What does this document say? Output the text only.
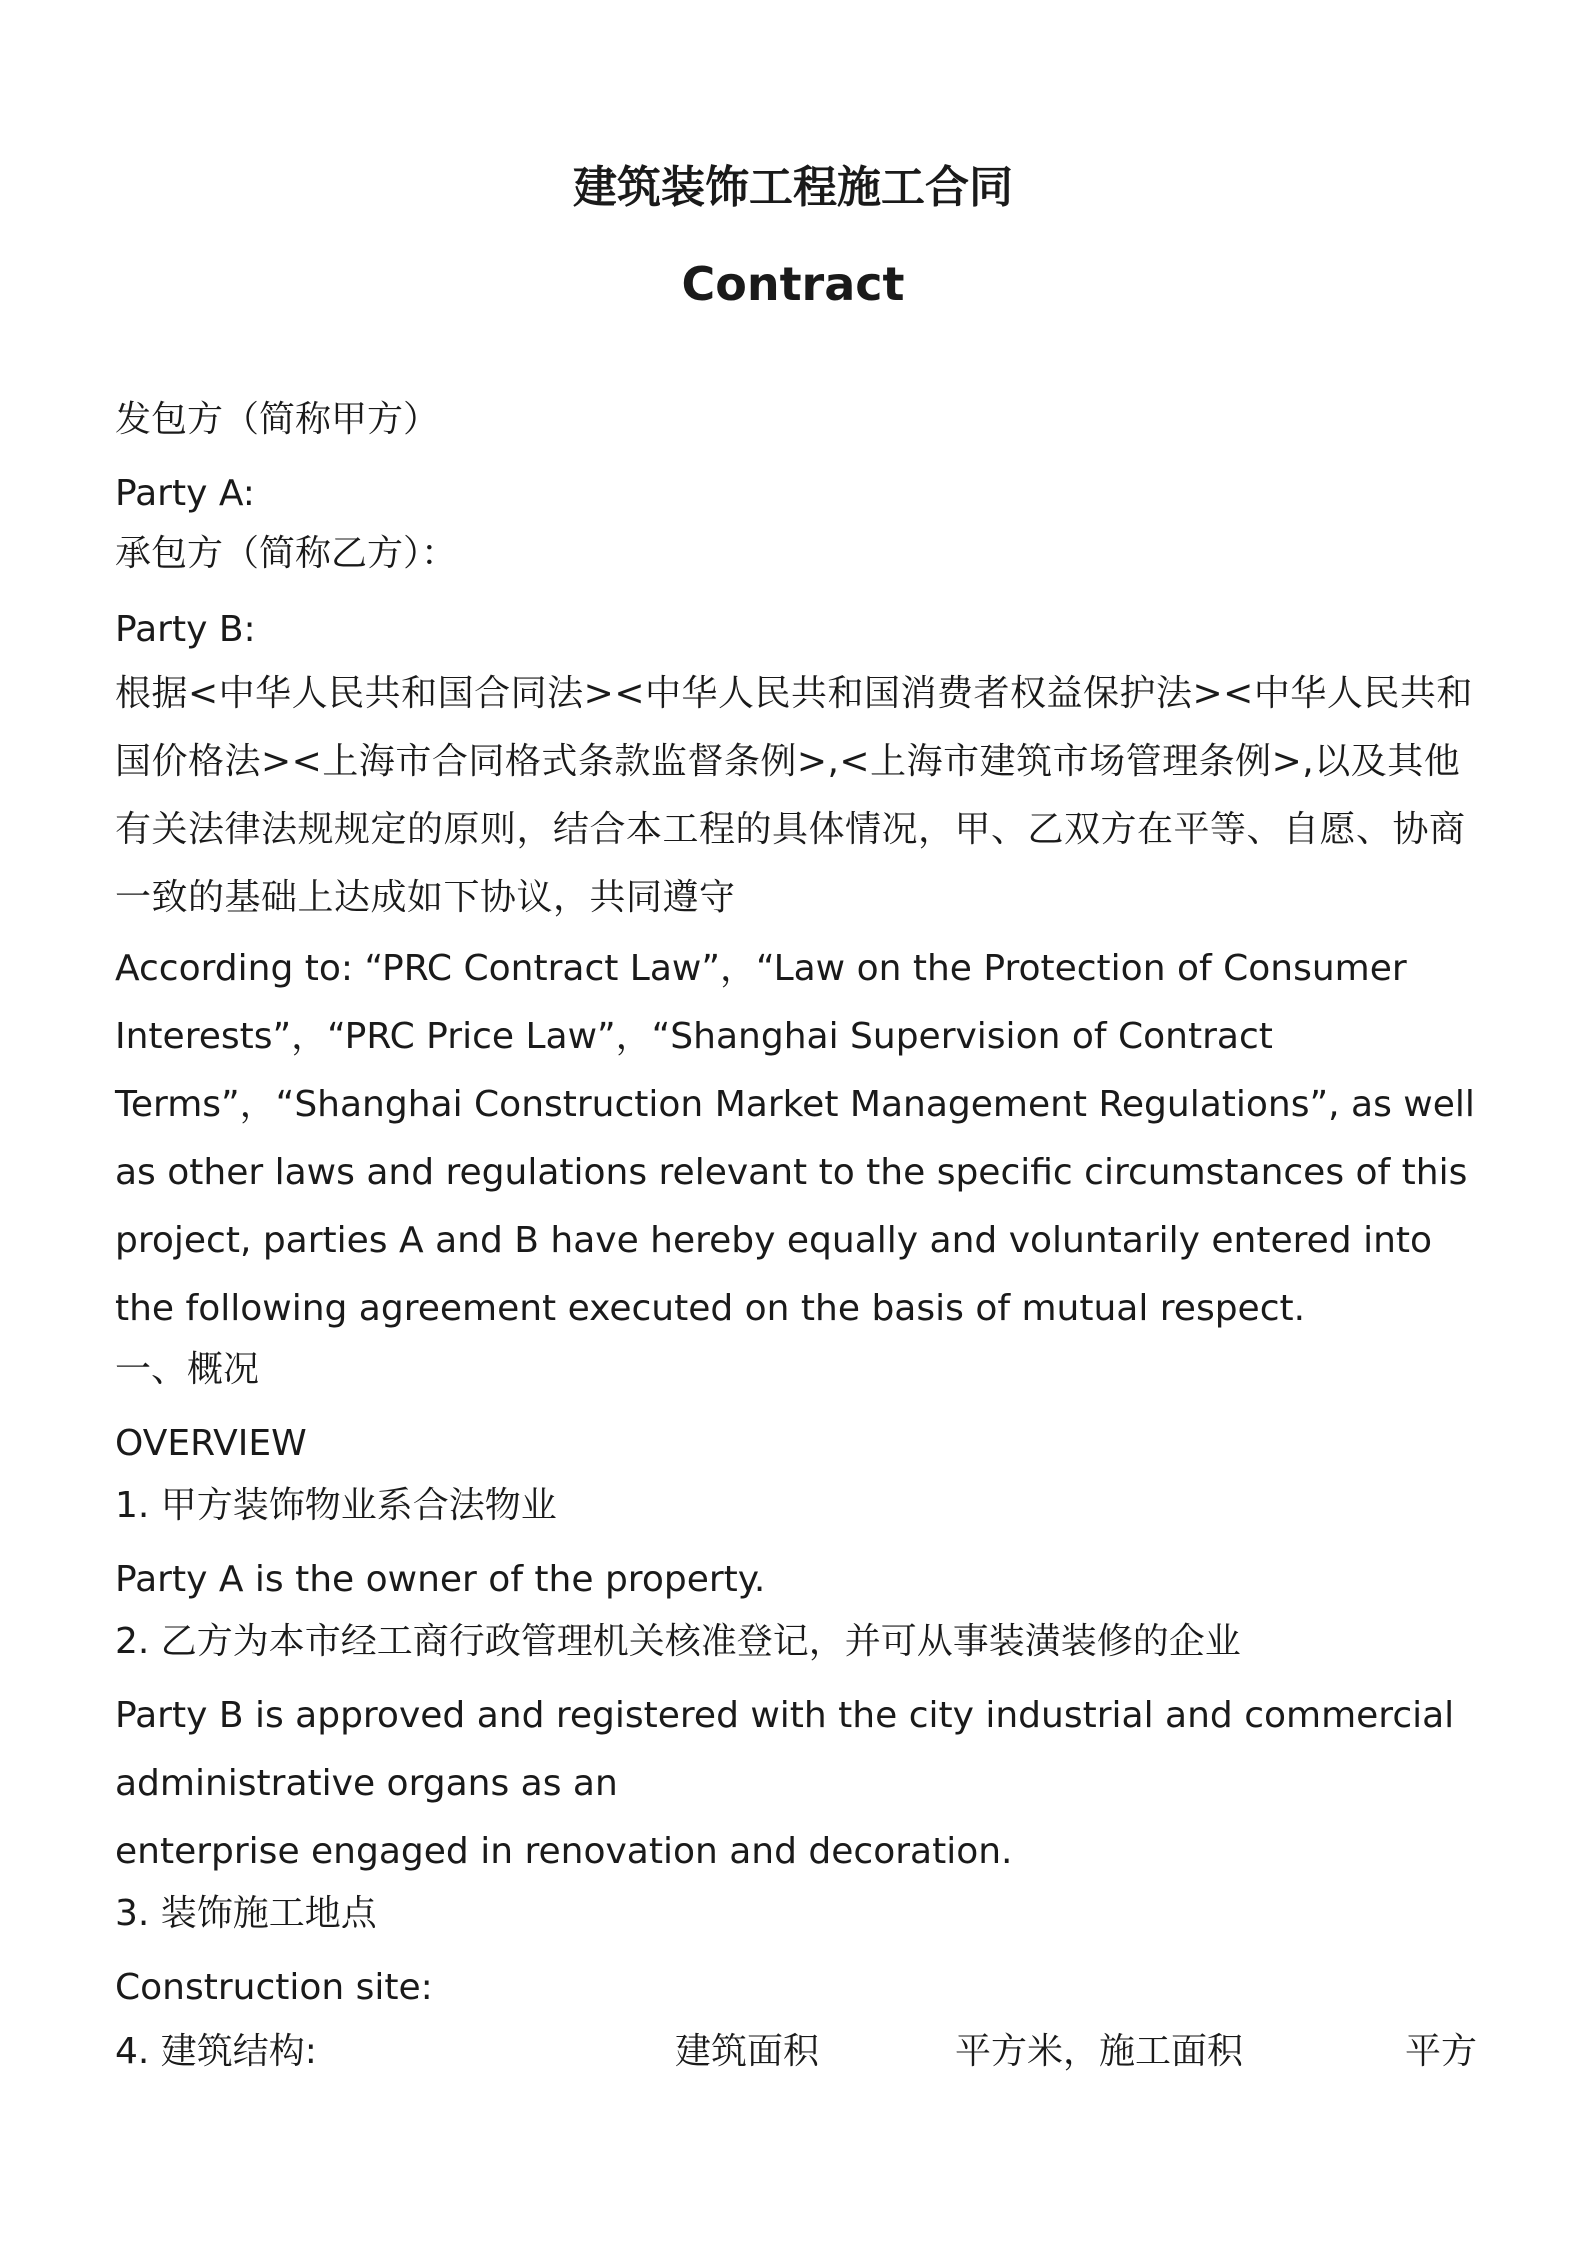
建筑装饰工程施工合同
Contract
发包方（简称甲方）
Party A:
承包方（简称乙方）：
Party B:
根据<中华人民共和国合同法><中华人民共和国消费者权益保护法><中华人民共和国价格法><上海市合同格式条款监督条例>,<上海市建筑市场管理条例>,以及其他有关法律法规规定的原则，结合本工程的具体情况，甲、乙双方在平等、自愿、协商一致的基础上达成如下协议，共同遵守
According to: “PRC Contract Law”，“Law on the Protection of Consumer Interests”，“PRC Price Law”，“Shanghai Supervision of Contract Terms”，“Shanghai Construction Market Management Regulations”, as well as other laws and regulations relevant to the specific circumstances of this project, parties A and B have hereby equally and voluntarily entered into the following agreement executed on the basis of mutual respect.
一、概况
OVERVIEW
1. 甲方装饰物业系合法物业
Party A is the owner of the property.
2. 乙方为本市经工商行政管理机关核准登记，并可从事装潢装修的企业
Party B is approved and registered with the city industrial and commercial
administrative organs as an
enterprise engaged in renovation and decoration.
3. 装饰施工地点
Construction site:
4. 建筑结构:	建筑面积	平方米，施工面积	平方
